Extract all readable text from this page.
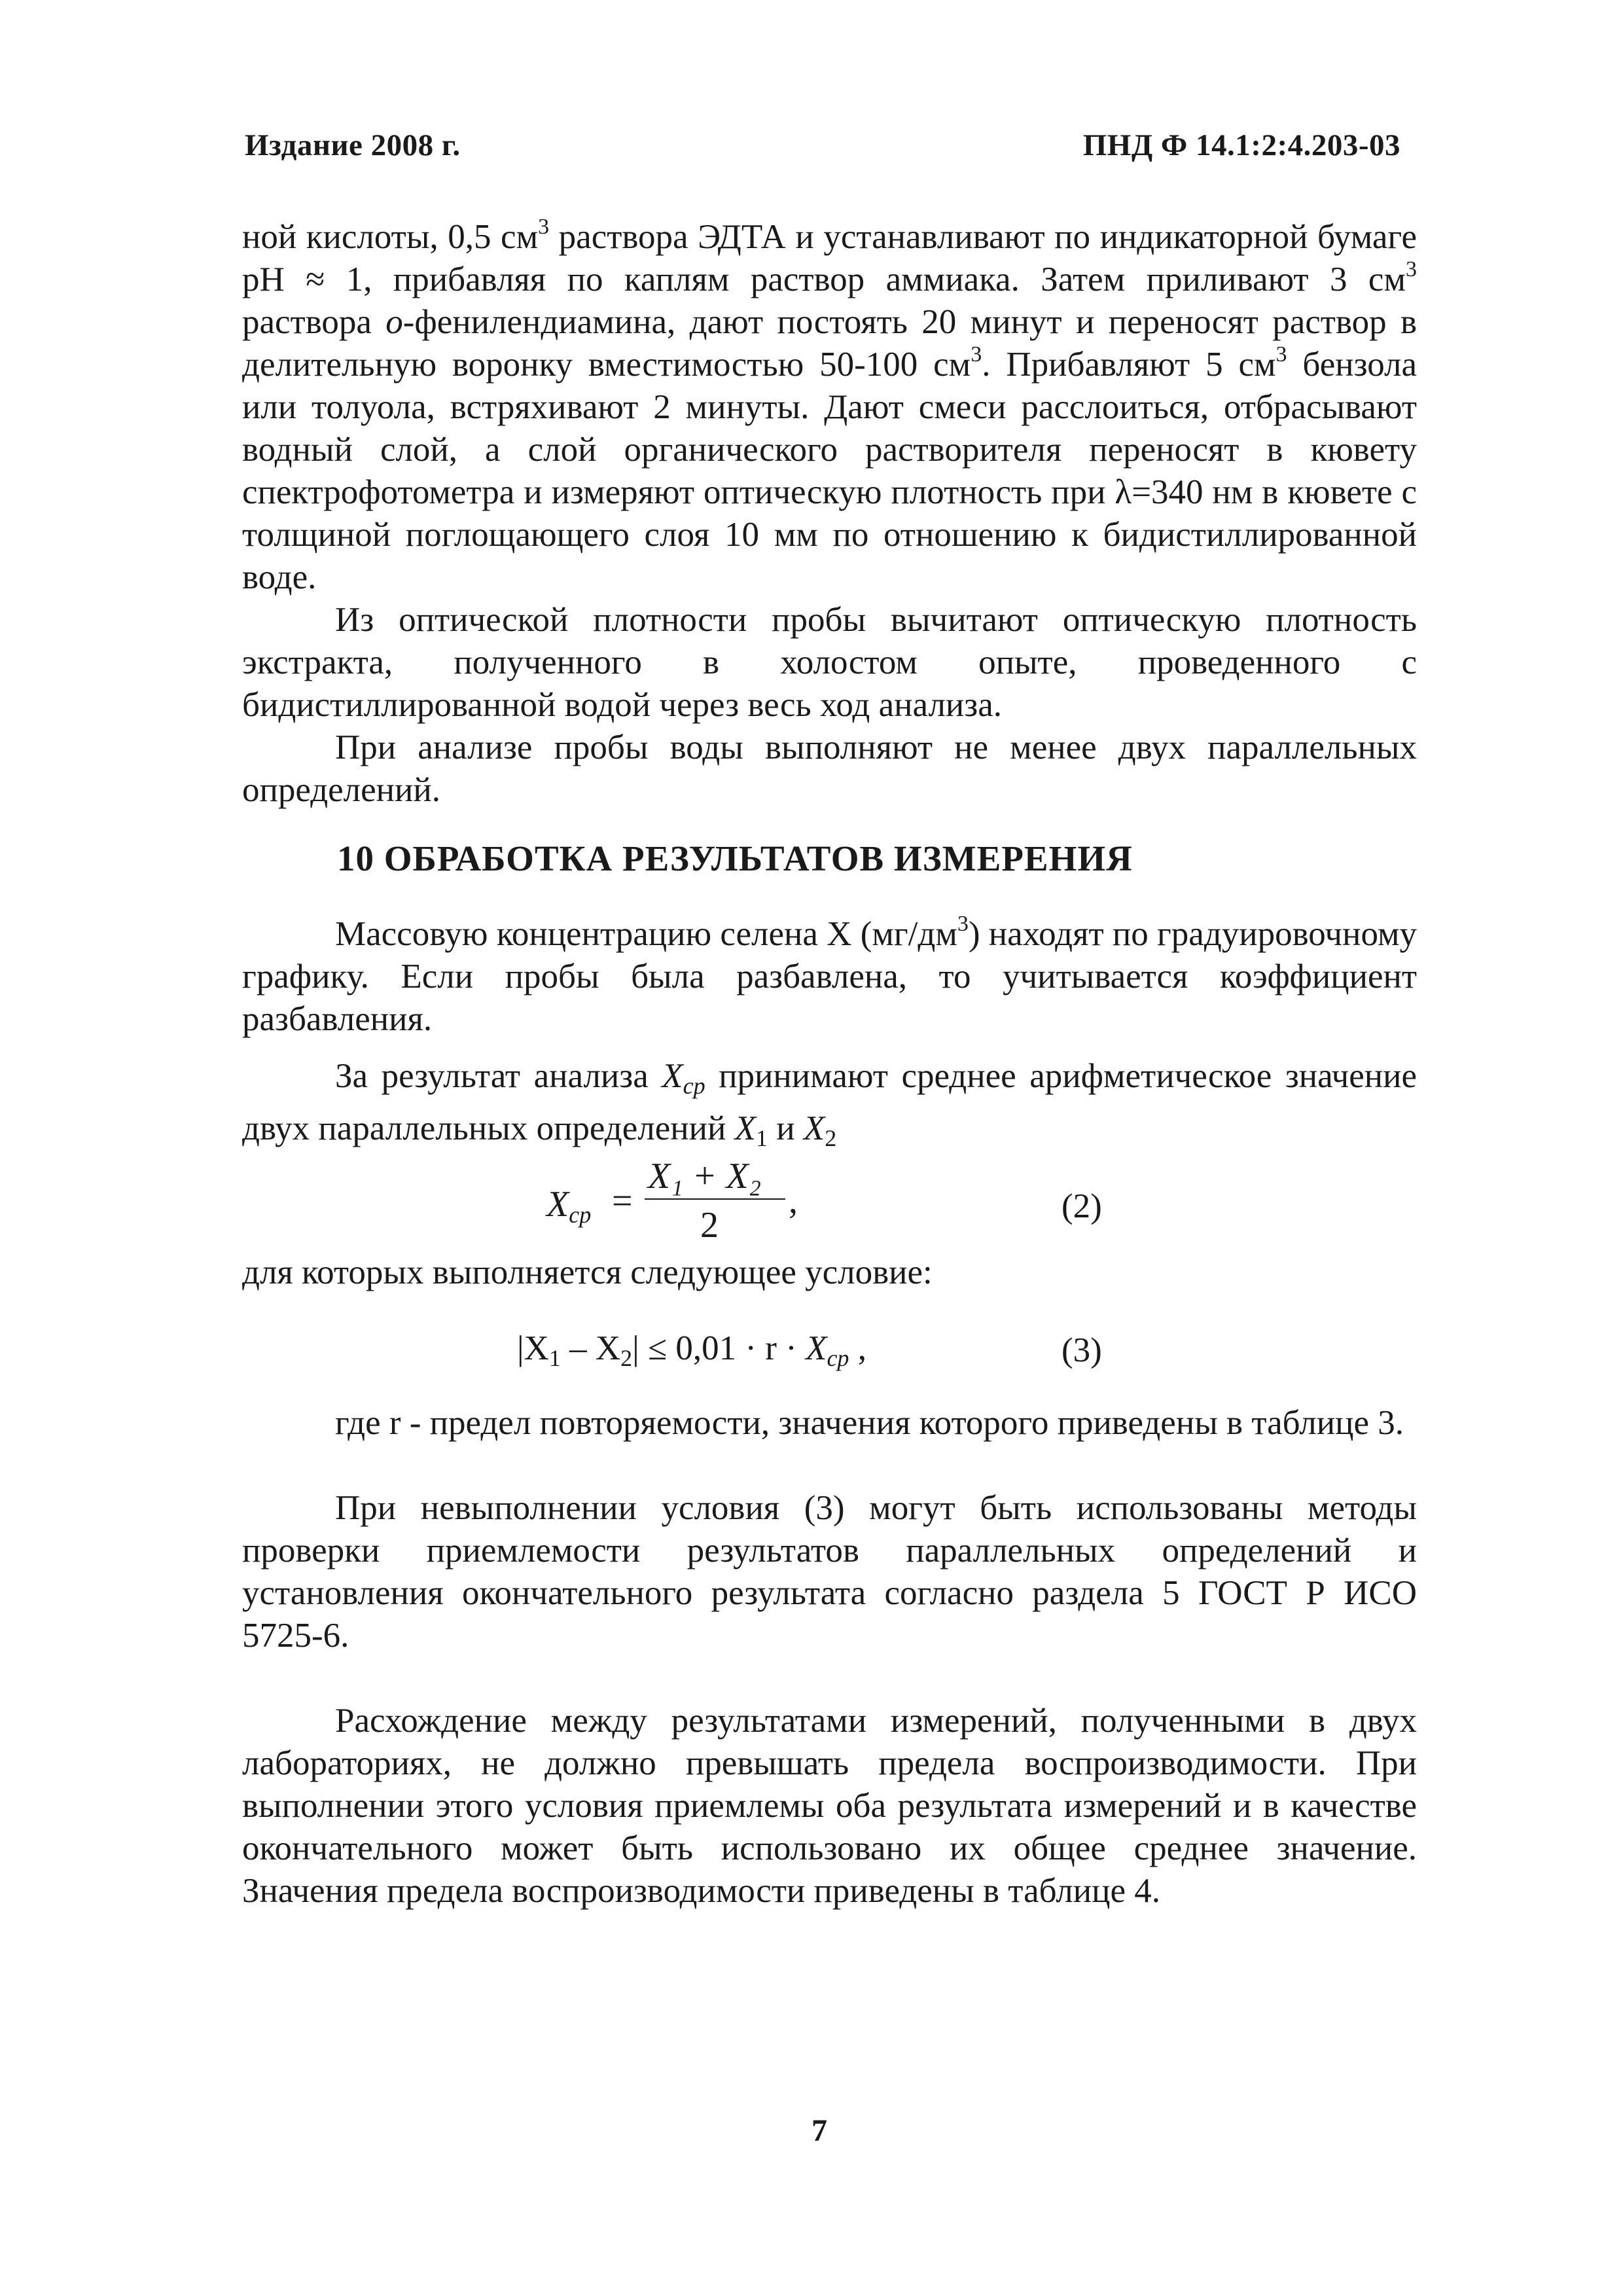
Издание 2008 г.	ПНД Ф 14.1:2:4.203-03

ной кислоты, 0,5 $см^3$ раствора ЭДТА и устанавливают по индикаторной бумаге pH ≈ 1, прибавляя по каплям раствор аммиака. Затем приливают 3 $см^3$ раствора о-фенилендиамина, дают постоять 20 минут и переносят раствор в делительную воронку вместимостью 50-100 $см^3$. Прибавляют 5 $см^3$ бензола или толуола, встряхивают 2 минуты. Дают смеси расслоиться, отбрасывают водный слой, а слой органического растворителя переносят в кювету спектрофотометра и измеряют оптическую плотность при λ=340 нм в кювете с толщиной поглощающего слоя 10 мм по отношению к бидистиллированной воде.

Из оптической плотности пробы вычитают оптическую плотность экстракта, полученного в холостом опыте, проведенного с бидистиллированной водой через весь ход анализа.

При анализе пробы воды выполняют не менее двух параллельных определений.

10 ОБРАБОТКА РЕЗУЛЬТАТОВ ИЗМЕРЕНИЯ

Массовую концентрацию селена X $(мг/дм^3)$ находят по градуировочному графику. Если пробы была разбавлена, то учитывается коэффициент разбавления.

За результат анализа $X_{ср}$ принимают среднее арифметическое значение двух параллельных определений $X_1$ и $X_2$

$X_{ср}$ =
X₁ + X₂
2
,	(2)

для которых выполняется следующее условие:

$|X_1 - X_2| \le 0,01 \cdot r \cdot X_{ср}$ ,	(3)

где r - предел повторяемости, значения которого приведены в таблице 3.

При невыполнении условия (3) могут быть использованы методы проверки приемлемости результатов параллельных определений и установления окончательного результата согласно раздела 5 ГОСТ Р ИСО 5725-6.

Расхождение между результатами измерений, полученными в двух лабораториях, не должно превышать предела воспроизводимости. При выполнении этого условия приемлемы оба результата измерений и в качестве окончательного может быть использовано их общее среднее значение. Значения предела воспроизводимости приведены в таблице 4.

7
